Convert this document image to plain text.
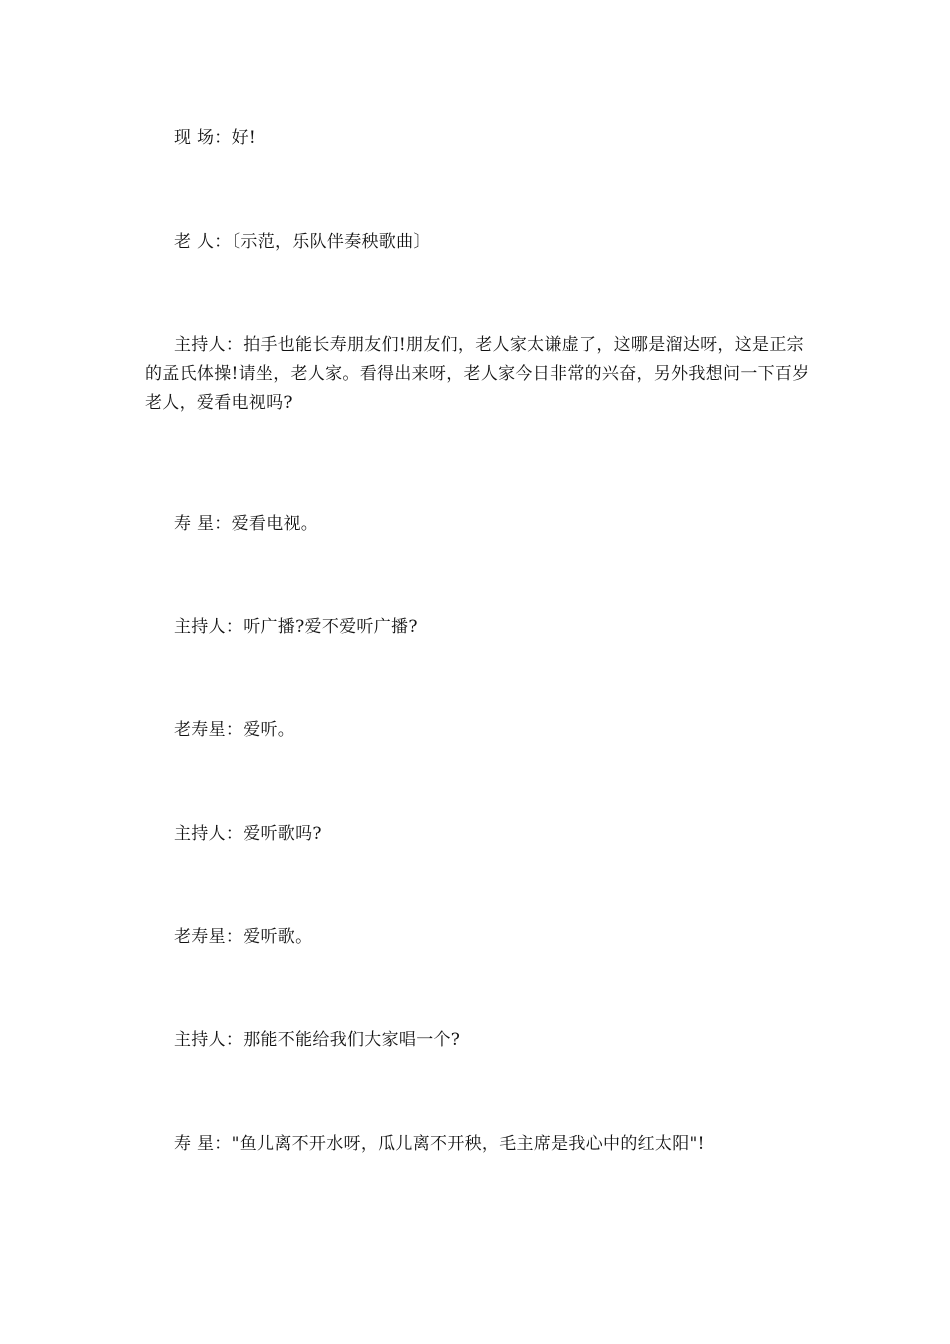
现 场：好!

老 人：〔示范，乐队伴奏秧歌曲〕

主持人：拍手也能长寿朋友们!朋友们，老人家太谦虚了，这哪是溜达呀，这是正宗的孟氏体操!请坐，老人家。看得出来呀，老人家今日非常的兴奋，另外我想问一下百岁老人，爱看电视吗?

寿 星：爱看电视。

主持人：听广播?爱不爱听广播?

老寿星：爱听。

主持人：爱听歌吗?

老寿星：爱听歌。

主持人：那能不能给我们大家唱一个?

寿 星："鱼儿离不开水呀，瓜儿离不开秧，毛主席是我心中的红太阳"!
